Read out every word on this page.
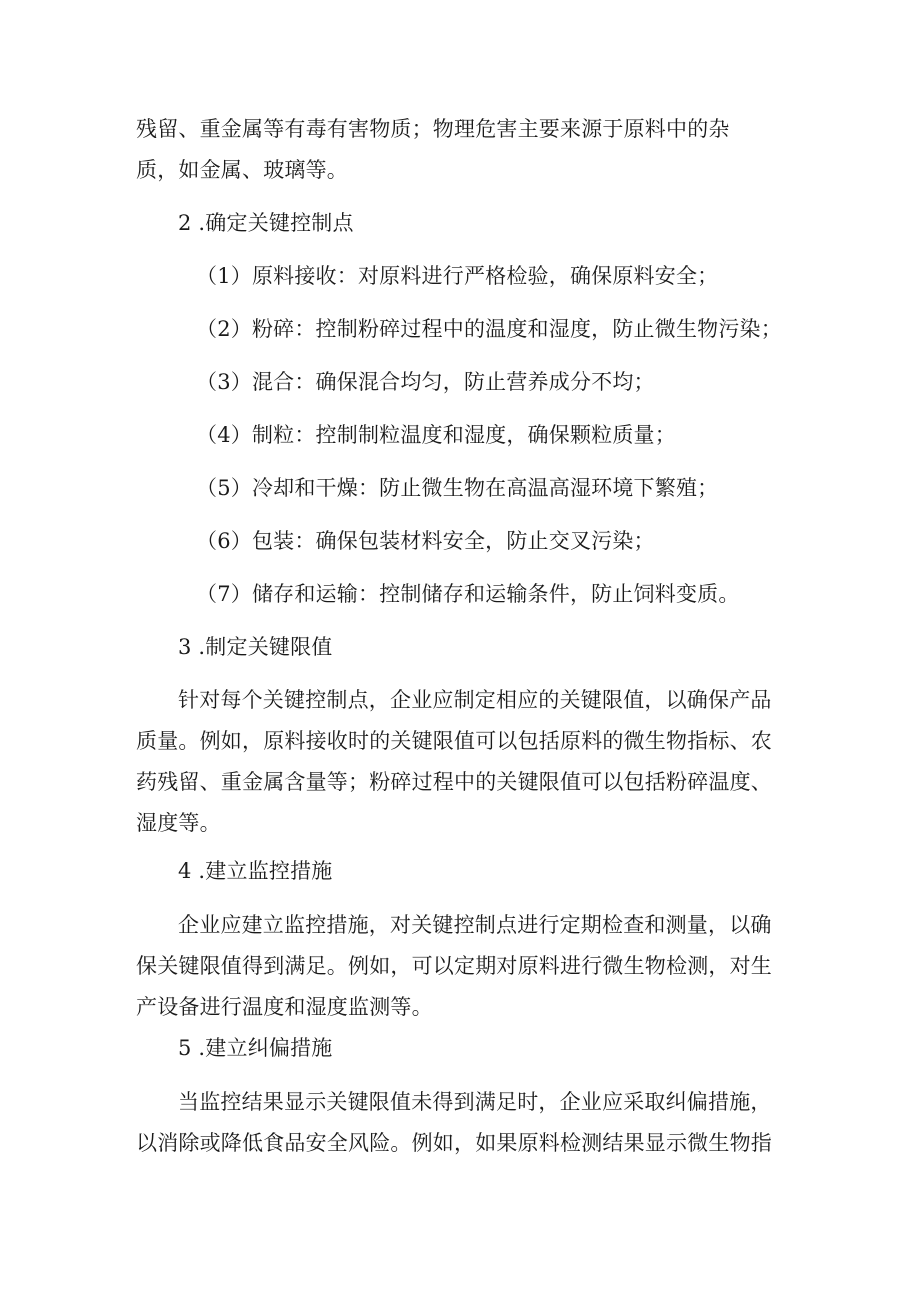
残留、重金属等有毒有害物质；物理危害主要来源于原料中的杂
质，如金属、玻璃等。
2 .确定关键控制点
（1）原料接收：对原料进行严格检验，确保原料安全；
（2）粉碎：控制粉碎过程中的温度和湿度，防止微生物污染；
（3）混合：确保混合均匀，防止营养成分不均；
（4）制粒：控制制粒温度和湿度，确保颗粒质量；
（5）冷却和干燥：防止微生物在高温高湿环境下繁殖；
（6）包装：确保包装材料安全，防止交叉污染；
（7）储存和运输：控制储存和运输条件，防止饲料变质。
3 .制定关键限值
针对每个关键控制点，企业应制定相应的关键限值，以确保产品
质量。例如，原料接收时的关键限值可以包括原料的微生物指标、农
药残留、重金属含量等；粉碎过程中的关键限值可以包括粉碎温度、
湿度等。
4 .建立监控措施
企业应建立监控措施，对关键控制点进行定期检查和测量，以确
保关键限值得到满足。例如，可以定期对原料进行微生物检测，对生
产设备进行温度和湿度监测等。
5 .建立纠偏措施
当监控结果显示关键限值未得到满足时，企业应采取纠偏措施，
以消除或降低食品安全风险。例如，如果原料检测结果显示微生物指
